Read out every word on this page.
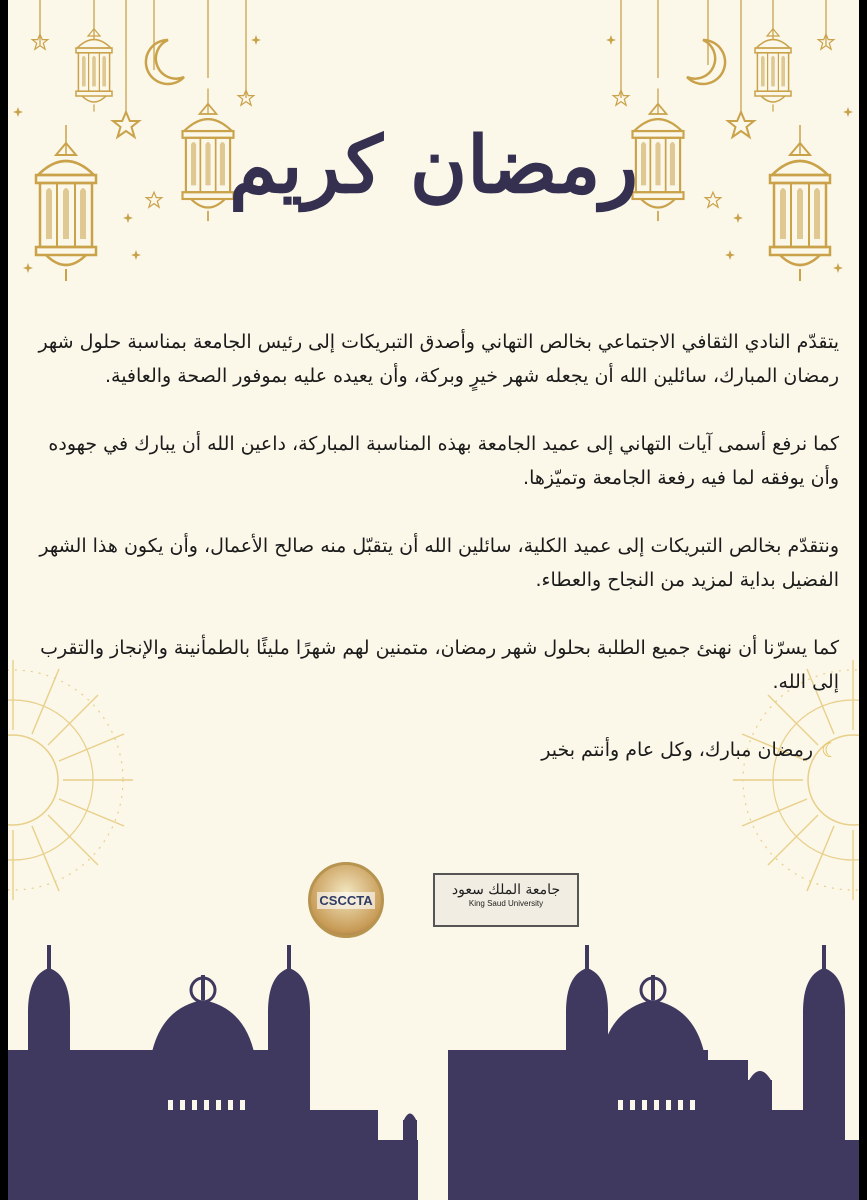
رمضان كريم

يتقدّم النادي الثقافي الاجتماعي بخالص التهاني وأصدق التبريكات إلى رئيس الجامعة بمناسبة حلول شهر رمضان المبارك، سائلين الله أن يجعله شهر خيرٍ وبركة، وأن يعيده عليه بموفور الصحة والعافية.

كما نرفع أسمى آيات التهاني إلى عميد الجامعة بهذه المناسبة المباركة، داعين الله أن يبارك في جهوده وأن يوفقه لما فيه رفعة الجامعة وتميّزها.

ونتقدّم بخالص التبريكات إلى عميد الكلية، سائلين الله أن يتقبّل منه صالح الأعمال، وأن يكون هذا الشهر الفضيل بداية لمزيد من النجاح والعطاء.

كما يسرّنا أن نهنئ جميع الطلبة بحلول شهر رمضان، متمنين لهم شهرًا مليئًا بالطمأنينة والإنجاز والتقرب إلى الله.

☾
رمضان مبارك، وكل عام وأنتم بخير
CSCCTA
جامعة الملك سعود
King Saud University
